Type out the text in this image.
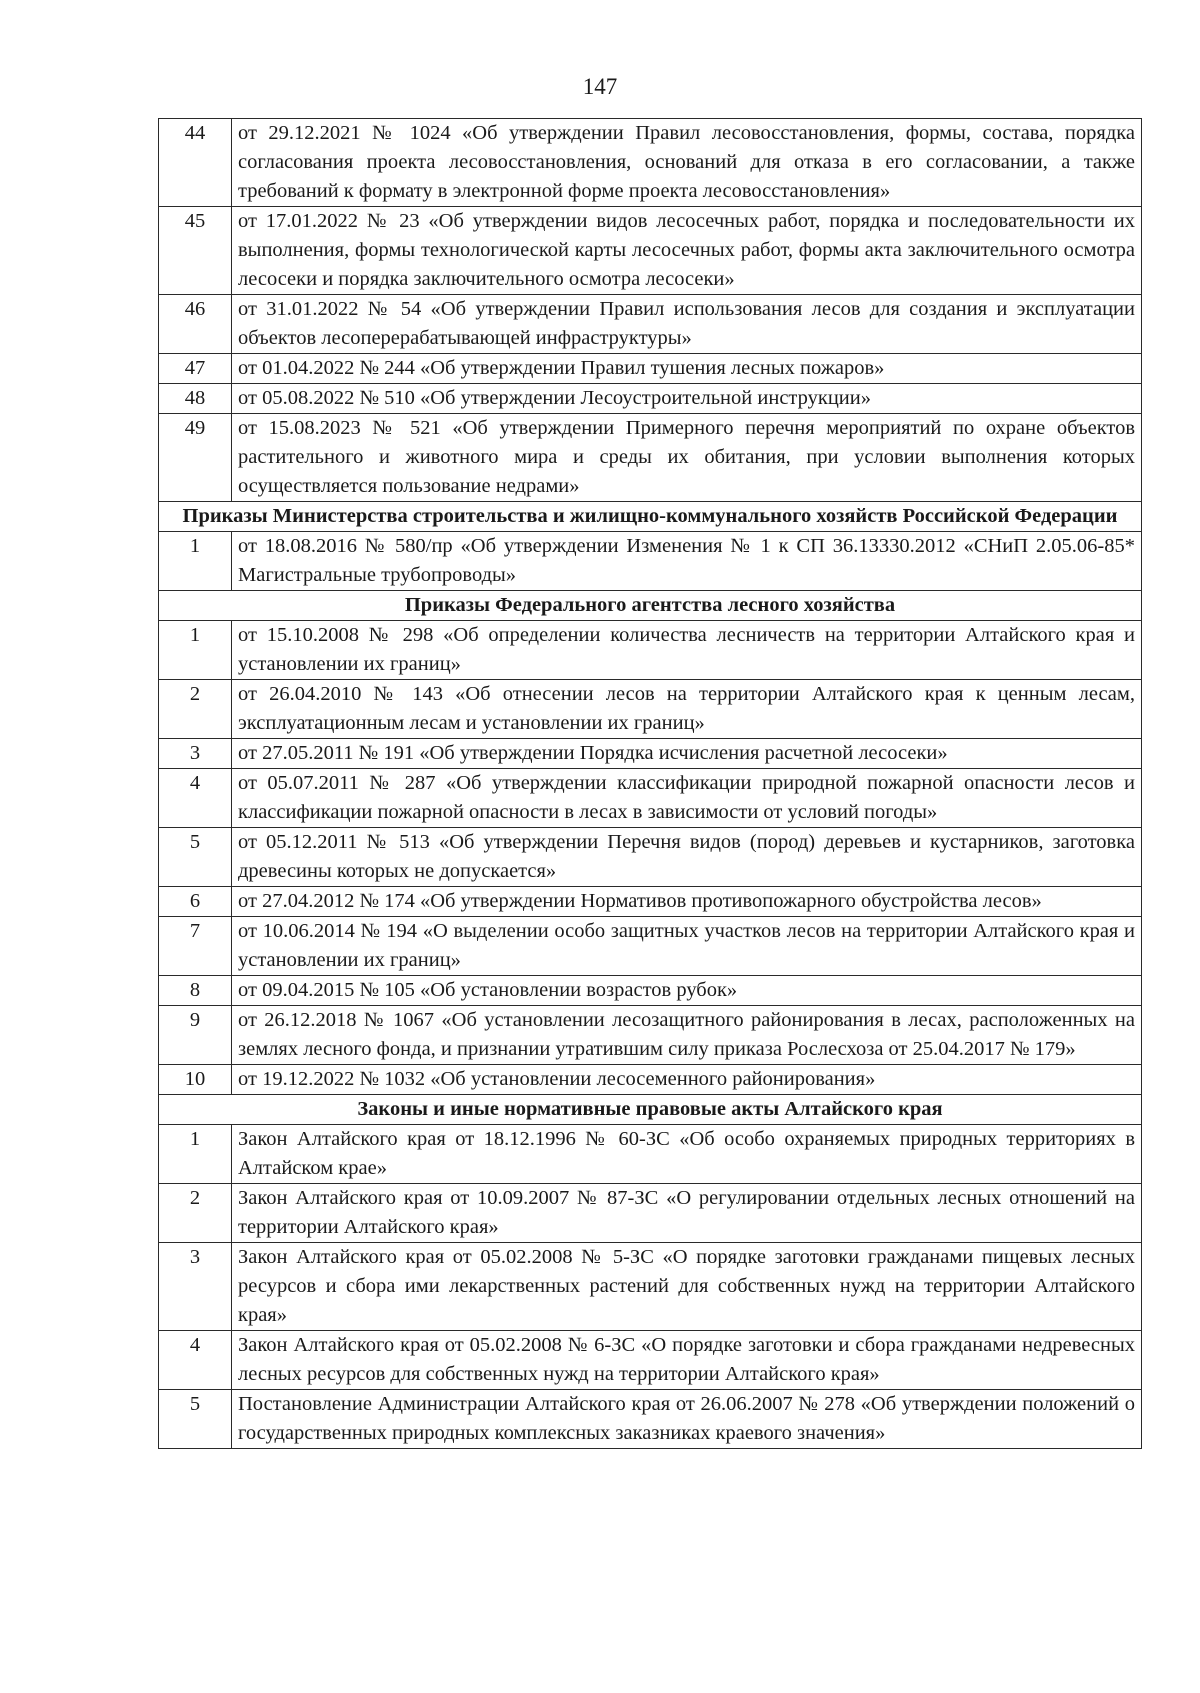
147
44	от 29.12.2021 № 1024 «Об утверждении Правил лесовосстановления, формы, состава, порядка согласования проекта лесовосстановления, оснований для отказа в его согласовании, а также требований к формату в электронной форме проекта лесовосстановления»
45	от 17.01.2022 № 23 «Об утверждении видов лесосечных работ, порядка и последовательности их выполнения, формы технологической карты лесосечных работ, формы акта заключительного осмотра лесосеки и порядка заключительного осмотра лесосеки»
46	от 31.01.2022 № 54 «Об утверждении Правил использования лесов для создания и эксплуатации объектов лесоперерабатывающей инфраструктуры»
47	от 01.04.2022 № 244 «Об утверждении Правил тушения лесных пожаров»
48	от 05.08.2022 № 510 «Об утверждении Лесоустроительной инструкции»
49	от 15.08.2023 № 521 «Об утверждении Примерного перечня мероприятий по охране объектов растительного и животного мира и среды их обитания, при условии выполнения которых осуществляется пользование недрами»
Приказы Министерства строительства и жилищно-коммунального хозяйств Российской Федерации	
1	от 18.08.2016 № 580/пр «Об утверждении Изменения № 1 к СП 36.13330.2012 «СНиП 2.05.06-85* Магистральные трубопроводы»
Приказы Федерального агентства лесного хозяйства	
1	от 15.10.2008 № 298 «Об определении количества лесничеств на территории Алтайского края и установлении их границ»
2	от 26.04.2010 № 143 «Об отнесении лесов на территории Алтайского края к ценным лесам, эксплуатационным лесам и установлении их границ»
3	от 27.05.2011 № 191 «Об утверждении Порядка исчисления расчетной лесосеки»
4	от 05.07.2011 № 287 «Об утверждении классификации природной пожарной опасности лесов и классификации пожарной опасности в лесах в зависимости от условий погоды»
5	от 05.12.2011 № 513 «Об утверждении Перечня видов (пород) деревьев и кустарников, заготовка древесины которых не допускается»
6	от 27.04.2012 № 174 «Об утверждении Нормативов противопожарного обустройства лесов»
7	от 10.06.2014 № 194 «О выделении особо защитных участков лесов на территории Алтайского края и установлении их границ»
8	от 09.04.2015 № 105 «Об установлении возрастов рубок»
9	от 26.12.2018 № 1067 «Об установлении лесозащитного районирования в лесах, расположенных на землях лесного фонда, и признании утратившим силу приказа Рослесхоза от 25.04.2017 № 179»
10	от 19.12.2022 № 1032 «Об установлении лесосеменного районирования»
Законы и иные нормативные правовые акты Алтайского края	
1	Закон Алтайского края от 18.12.1996 № 60-ЗС «Об особо охраняемых природных территориях в Алтайском крае»
2	Закон Алтайского края от 10.09.2007 № 87-ЗС «О регулировании отдельных лесных отношений на территории Алтайского края»
3	Закон Алтайского края от 05.02.2008 № 5-ЗС «О порядке заготовки гражданами пищевых лесных ресурсов и сбора ими лекарственных растений для собственных нужд на территории Алтайского края»
4	Закон Алтайского края от 05.02.2008 № 6-ЗС «О порядке заготовки и сбора гражданами недревесных лесных ресурсов для собственных нужд на территории Алтайского края»
5	Постановление Администрации Алтайского края от 26.06.2007 № 278 «Об утверждении положений о государственных природных комплексных заказниках краевого значения»
